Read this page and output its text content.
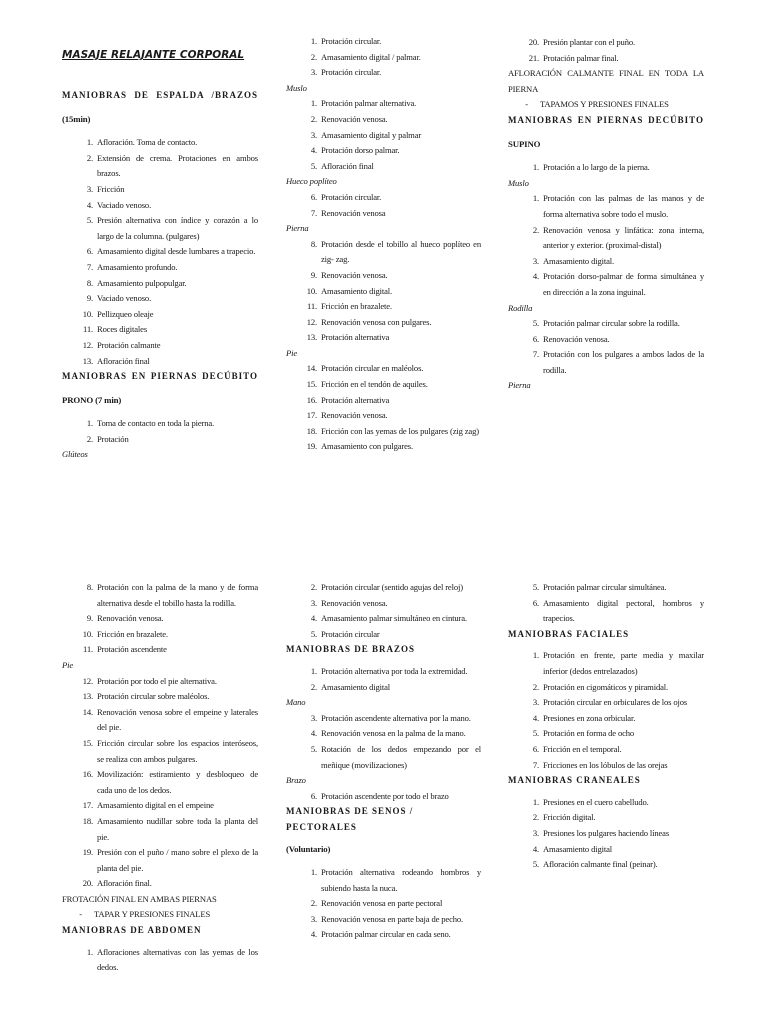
MASAJE RELAJANTE CORPORAL
MANIOBRAS DE ESPALDA /BRAZOS
(15min)
1. Afloración. Toma de contacto.
2. Extensión de crema. Protaciones en ambos brazos.
3. Fricción
4. Vaciado venoso.
5. Presión alternativa con índice y corazón a lo largo de la columna. (pulgares)
6. Amasamiento digital desde lumbares a trapecio.
7. Amasamiento profundo.
8. Amasamiento pulpopulgar.
9. Vaciado venoso.
10. Pellizqueo oleaje
11. Roces digitales
12. Protación calmante
13. Afloración final
MANIOBRAS EN PIERNAS DECÚBITO
PRONO (7 min)
1. Toma de contacto en toda la pierna.
2. Protación
Glúteos
1. Protación circular.
2. Amasamiento digital / palmar.
3. Protación circular.
Muslo
1. Protación palmar alternativa.
2. Renovación venosa.
3. Amasamiento digital y palmar
4. Protación dorso palmar.
5. Afloración final
Hueco poplíteo
6. Protación circular.
7. Renovación venosa
Pierna
8. Protación desde el tobillo al hueco poplíteo en zig- zag.
9. Renovación venosa.
10. Amasamiento digital.
11. Fricción en brazalete.
12. Renovación venosa con pulgares.
13. Protación alternativa
Pie
14. Protación circular en maléolos.
15. Fricción en el tendón de aquiles.
16. Protación alternativa
17. Renovación venosa.
18. Fricción con las yemas de los pulgares (zig zag)
19. Amasamiento con pulgares.
20. Presión plantar con el puño.
21. Protación palmar final.
AFLORACIÓN CALMANTE FINAL EN TODA LA PIERNA
-	TAPAMOS Y PRESIONES FINALES
MANIOBRAS EN PIERNAS DECÚBITO
SUPINO
1. Protación a lo largo de la pierna.
Muslo
1. Protación con las palmas de las manos y de forma alternativa sobre todo el muslo.
2. Renovación venosa y linfática: zona interna, anterior y exterior. (proximal-distal)
3. Amasamiento digital.
4. Protación dorso-palmar de forma simultánea y en dirección a la zona inguinal.
Rodilla
5. Protación palmar circular sobre la rodilla.
6. Renovación venosa.
7. Protación con los pulgares a ambos lados de la rodilla.
Pierna
8. Protación con la palma de la mano y de forma alternativa desde el tobillo hasta la rodilla.
9. Renovación venosa.
10. Fricción en brazalete.
11. Protación ascendente
Pie
12. Protación por todo el pie alternativa.
13. Protación circular sobre maléolos.
14. Renovación venosa sobre el empeine y laterales del pie.
15. Fricción circular sobre los espacios interóseos, se realiza con ambos pulgares.
16. Movilización: estiramiento y desbloqueo de cada uno de los dedos.
17. Amasamiento digital en el empeine
18. Amasamiento nudillar sobre toda la planta del pie.
19. Presión con el puño / mano sobre el plexo de la planta del pie.
20. Afloración final.
FROTACIÓN FINAL EN AMBAS PIERNAS
-	TAPAR Y PRESIONES FINALES
MANIOBRAS DE ABDOMEN
1. Afloraciones alternativas con las yemas de los dedos.
2. Protación circular (sentido agujas del reloj)
3. Renovación venosa.
4. Amasamiento palmar simultáneo en cintura.
5. Protación circular
MANIOBRAS DE BRAZOS
1. Protación alternativa por toda la extremidad.
2. Amasamiento digital
Mano
3. Protación ascendente alternativa por la mano.
4. Renovación venosa en la palma de la mano.
5. Rotación de los dedos empezando por el meñique (movilizaciones)
Brazo
6. Protación ascendente por todo el brazo
MANIOBRAS DE SENOS / PECTORALES
(Voluntario)
1. Protación alternativa rodeando hombros y subiendo hasta la nuca.
2. Renovación venosa en parte pectoral
3. Renovación venosa en parte baja de pecho.
4. Protación palmar circular en cada seno.
5. Protación palmar circular simultánea.
6. Amasamiento digital pectoral, hombros y trapecios.
MANIOBRAS FACIALES
1. Protación en frente, parte media y maxilar inferior (dedos entrelazados)
2. Protación en cigomáticos y piramidal.
3. Protación circular en orbiculares de los ojos
4. Presiones en zona orbicular.
5. Protación en forma de ocho
6. Fricción en el temporal.
7. Fricciones en los lóbulos de las orejas
MANIOBRAS CRANEALES
1. Presiones en el cuero cabelludo.
2. Fricción digital.
3. Presiones los pulgares haciendo líneas
4. Amasamiento digital
5. Afloración calmante final (peinar).
